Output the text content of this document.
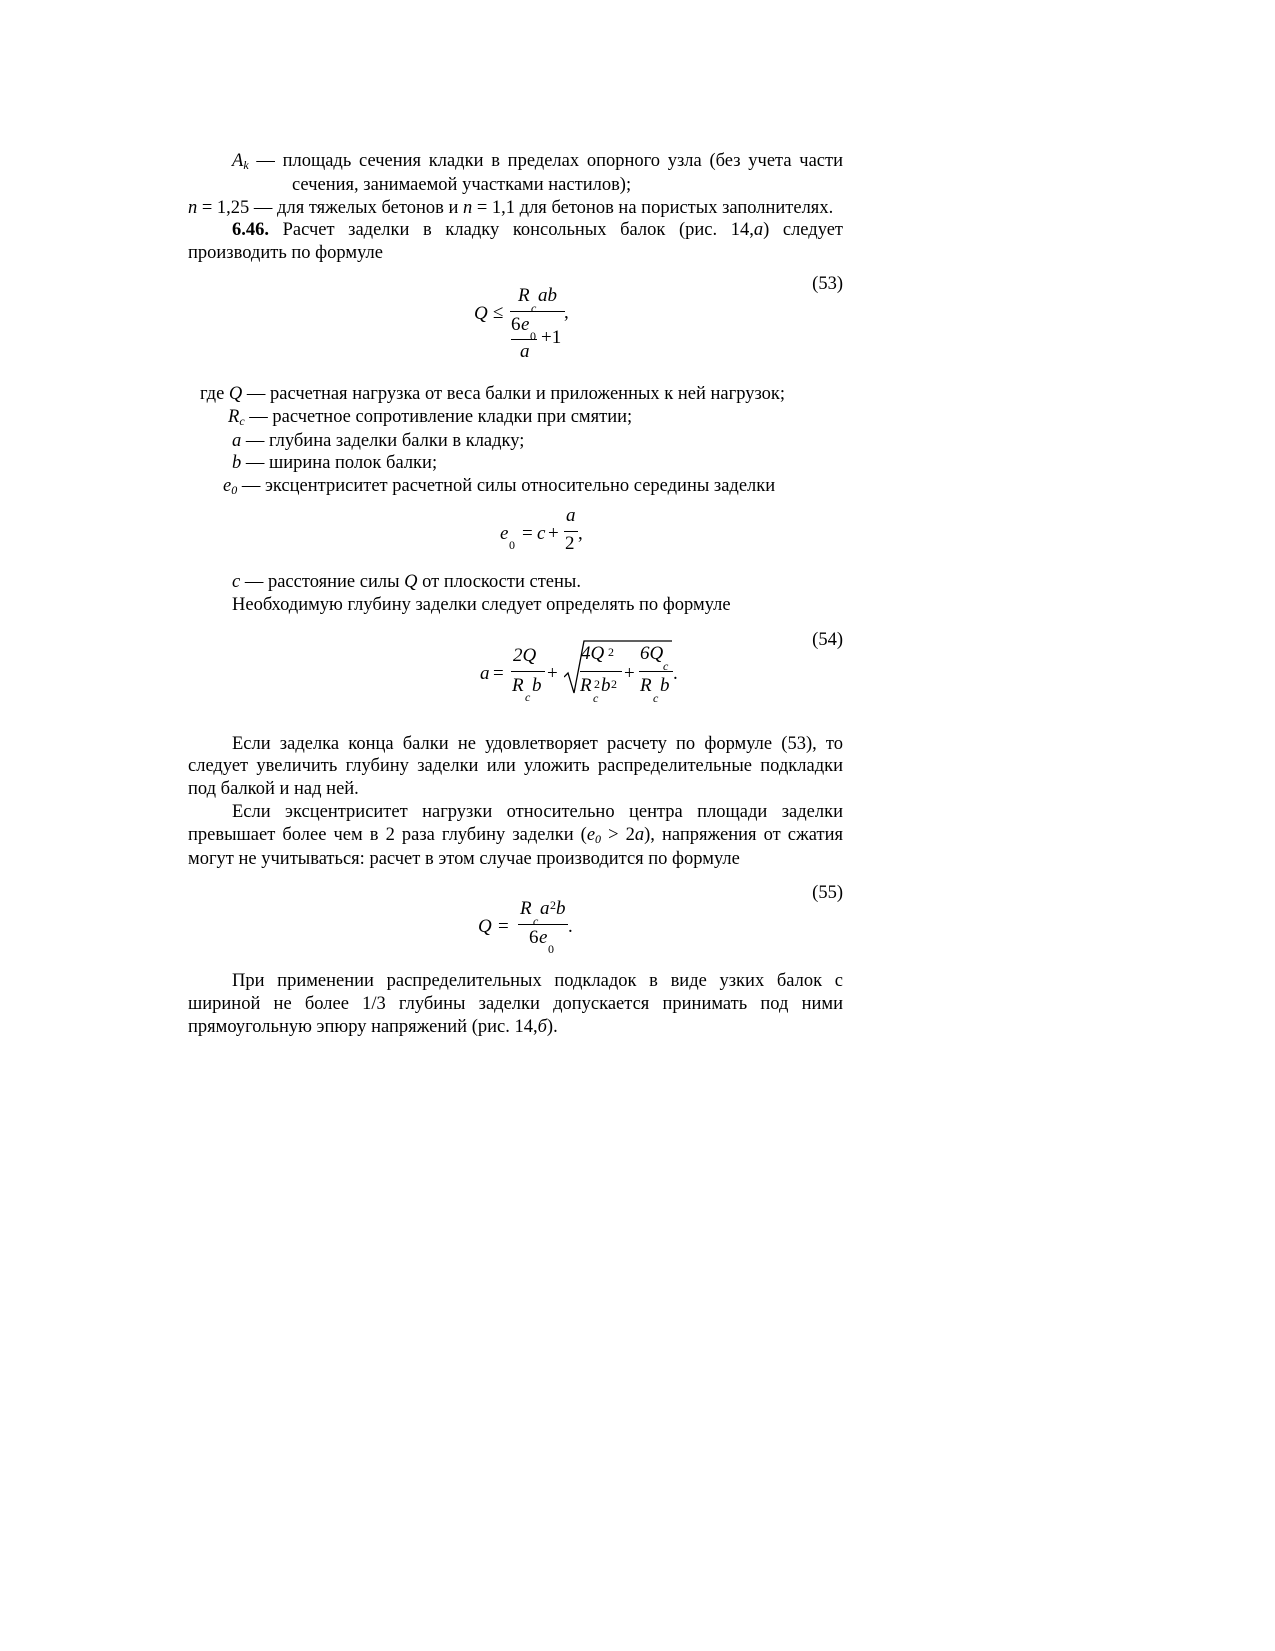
Ak — площадь сечения кладки в пределах опорного узла (без учета части сечения, занимаемой участками настилов);

n = 1,25 — для тяжелых бетонов и n = 1,1 для бетонов на пористых заполнителях.

6.46. Расчет заделки в кладку консольных балок (рис. 14,а) следует производить по формуле

(53)
Q ≤
R
c
ab
,
6 e
0
a
+1

где Q — расчетная нагрузка от веса балки и приложенных к ней нагрузок;

Rc — расчетное сопротивление кладки при смятии;

a — глубина заделки балки в кладку;

b — ширина полок балки;

e0 — эксцентриситет расчетной силы относительно середины заделки

e
0
= c +
a
2 ,

c — расстояние силы Q от плоскости стены.

Необходимую глубину заделки следует определять по формуле

(54)
a =
2Q
R
c
b
+
4Q 2
R 2
c
b 2 +
6Q
c
R
c
b
.

Если заделка конца балки не удовлетворяет расчету по формуле (53), то следует увеличить глубину заделки или уложить распределительные подкладки под балкой и над ней.

Если эксцентриситет нагрузки относительно центра площади заделки превышает более чем в 2 раза глубину заделки (e0 > 2a), напряжения от сжатия могут не учитываться: расчет в этом случае производится по формуле

(55)
Q =
R
c
a 2 b
6 e
0
.

При применении распределительных подкладок в виде узких балок с шириной не более 1/3 глубины заделки допускается принимать под ними прямоугольную эпюру напряжений (рис. 14,б).
